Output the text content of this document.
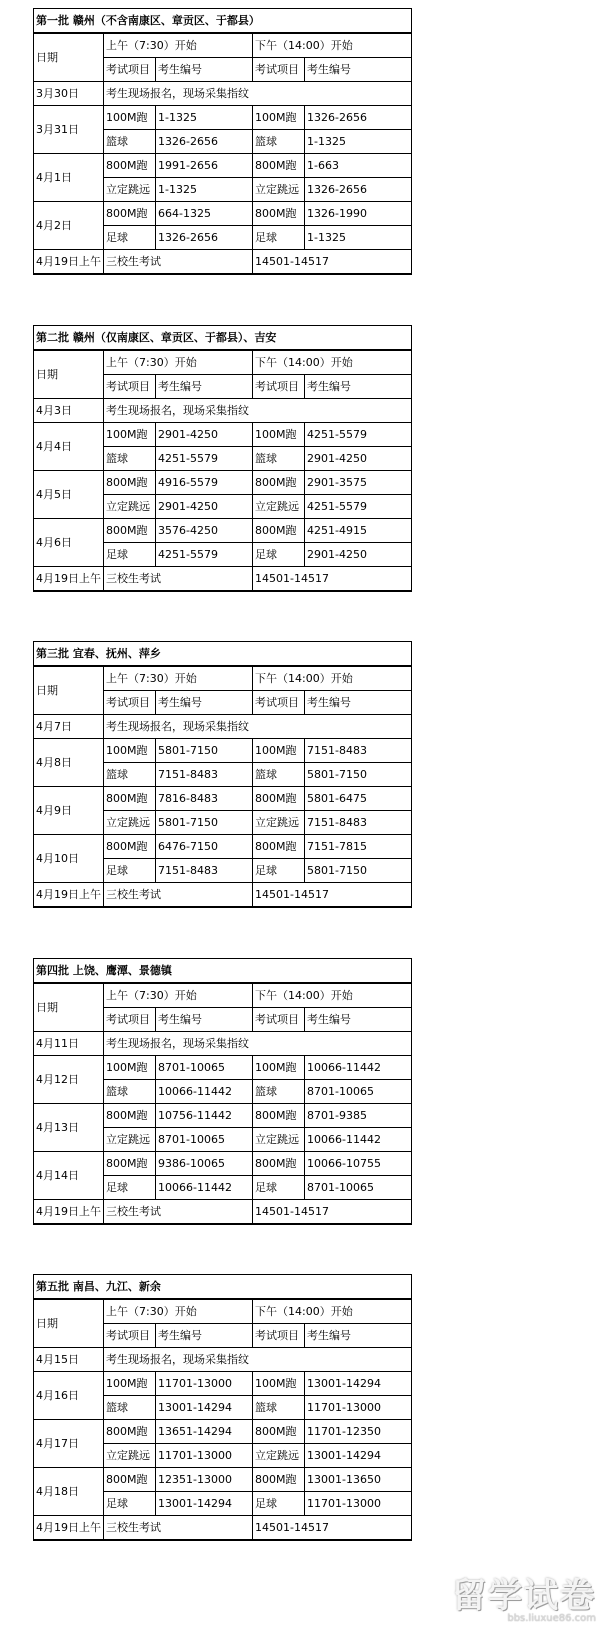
第一批 赣州（不含南康区、章贡区、于都县）				
日期	上午（7:30）开始		下午（14:00）开始	
	考试项目	考生编号	考试项目	考生编号
3月30日	考生现场报名，现场采集指纹			
3月31日	100M跑	1-1325	100M跑	1326-2656
	篮球	1326-2656	篮球	1-1325
4月1日	800M跑	1991-2656	800M跑	1-663
	立定跳远	1-1325	立定跳远	1326-2656
4月2日	800M跑	664-1325	800M跑	1326-1990
	足球	1326-2656	足球	1-1325
4月19日上午	三校生考试		14501-14517	
第二批 赣州（仅南康区、章贡区、于都县）、吉安				
日期	上午（7:30）开始		下午（14:00）开始	
	考试项目	考生编号	考试项目	考生编号
4月3日	考生现场报名，现场采集指纹			
4月4日	100M跑	2901-4250	100M跑	4251-5579
	篮球	4251-5579	篮球	2901-4250
4月5日	800M跑	4916-5579	800M跑	2901-3575
	立定跳远	2901-4250	立定跳远	4251-5579
4月6日	800M跑	3576-4250	800M跑	4251-4915
	足球	4251-5579	足球	2901-4250
4月19日上午	三校生考试		14501-14517	
第三批 宜春、抚州、萍乡				
日期	上午（7:30）开始		下午（14:00）开始	
	考试项目	考生编号	考试项目	考生编号
4月7日	考生现场报名，现场采集指纹			
4月8日	100M跑	5801-7150	100M跑	7151-8483
	篮球	7151-8483	篮球	5801-7150
4月9日	800M跑	7816-8483	800M跑	5801-6475
	立定跳远	5801-7150	立定跳远	7151-8483
4月10日	800M跑	6476-7150	800M跑	7151-7815
	足球	7151-8483	足球	5801-7150
4月19日上午	三校生考试		14501-14517	
第四批 上饶、鹰潭、景德镇				
日期	上午（7:30）开始		下午（14:00）开始	
	考试项目	考生编号	考试项目	考生编号
4月11日	考生现场报名，现场采集指纹			
4月12日	100M跑	8701-10065	100M跑	10066-11442
	篮球	10066-11442	篮球	8701-10065
4月13日	800M跑	10756-11442	800M跑	8701-9385
	立定跳远	8701-10065	立定跳远	10066-11442
4月14日	800M跑	9386-10065	800M跑	10066-10755
	足球	10066-11442	足球	8701-10065
4月19日上午	三校生考试		14501-14517	
第五批 南昌、九江、新余				
日期	上午（7:30）开始		下午（14:00）开始	
	考试项目	考生编号	考试项目	考生编号
4月15日	考生现场报名，现场采集指纹			
4月16日	100M跑	11701-13000	100M跑	13001-14294
	篮球	13001-14294	篮球	11701-13000
4月17日	800M跑	13651-14294	800M跑	11701-12350
	立定跳远	11701-13000	立定跳远	13001-14294
4月18日	800M跑	12351-13000	800M跑	13001-13650
	足球	13001-14294	足球	11701-13000
4月19日上午	三校生考试		14501-14517	
留学试卷
bbs.liuxue86.com
